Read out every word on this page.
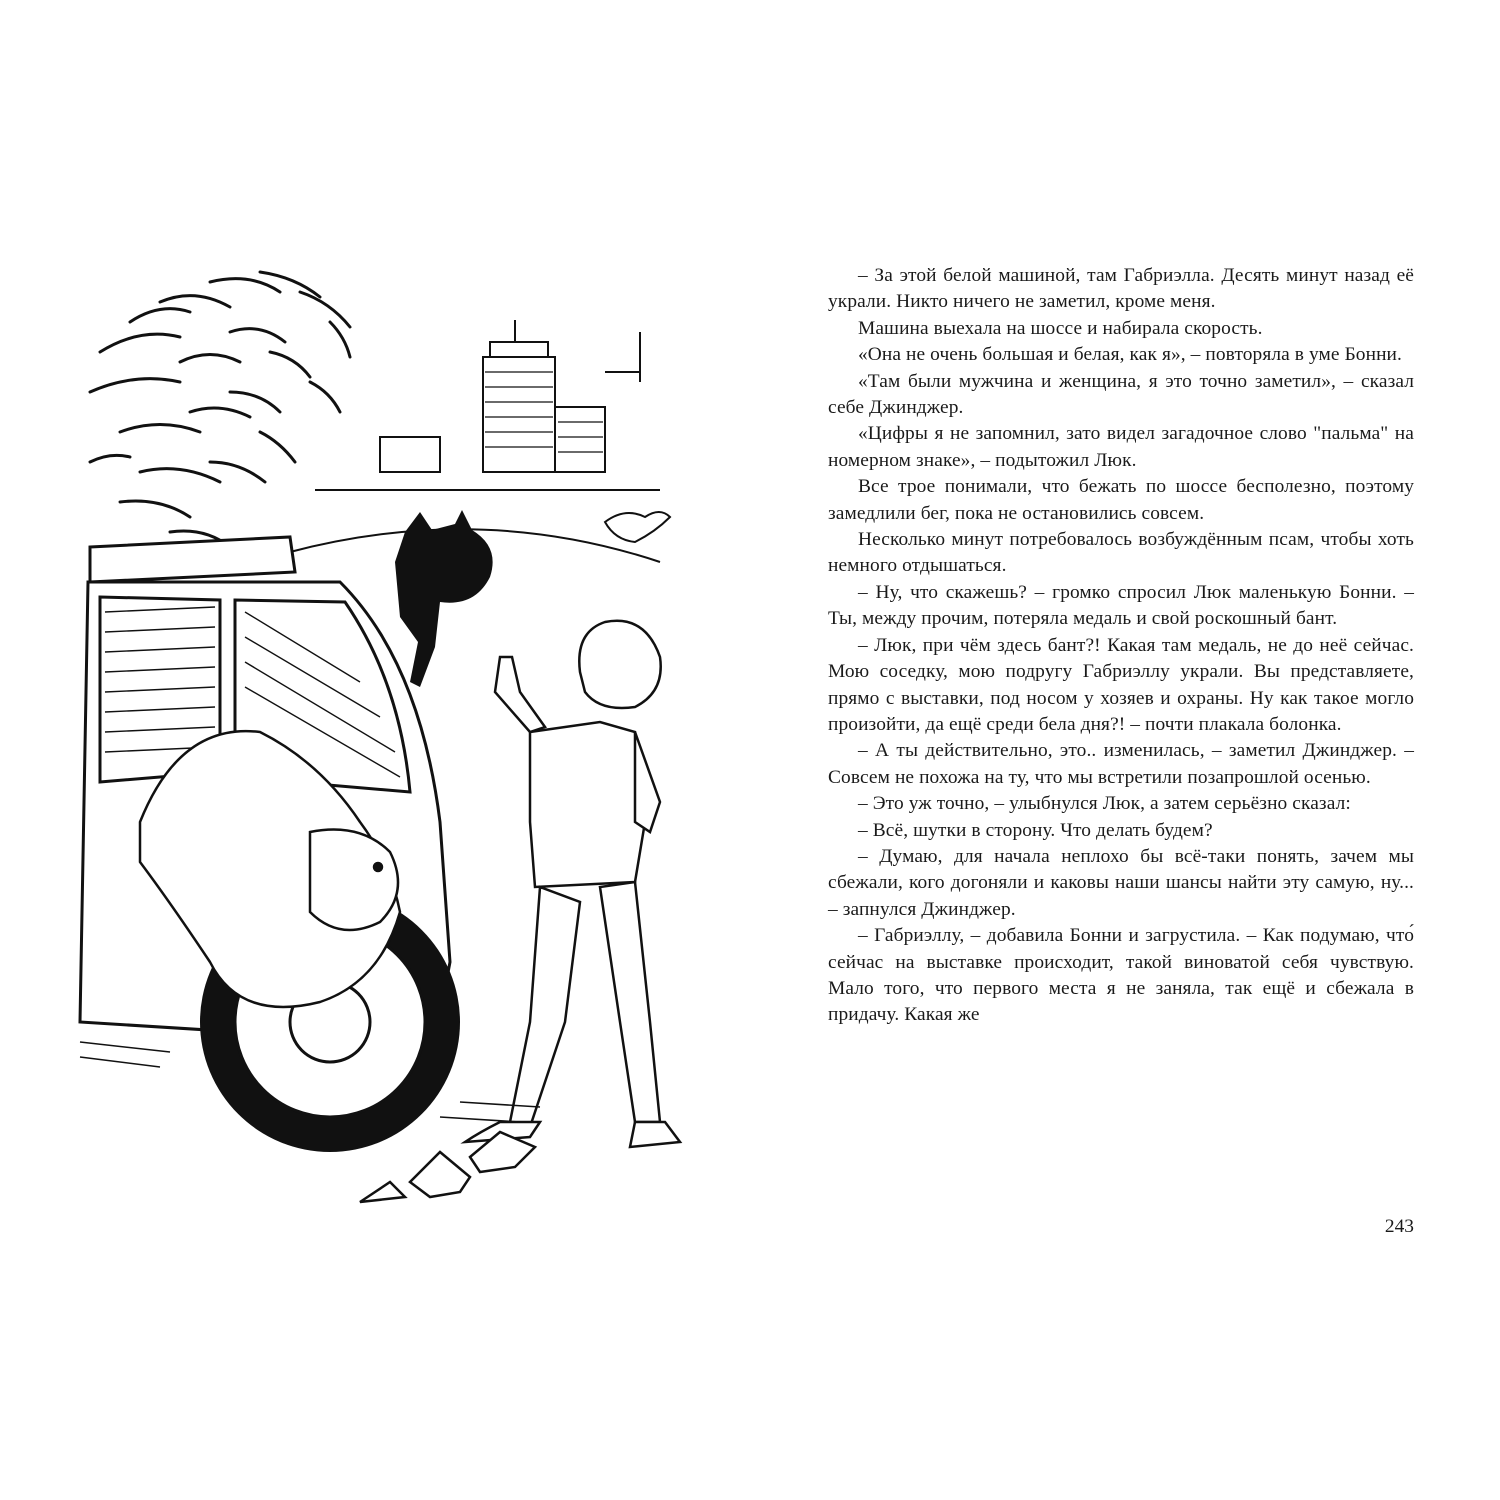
– За этой белой машиной, там Габриэлла. Десять минут назад её украли. Никто ничего не заметил, кроме меня.

Машина выехала на шоссе и набирала скорость.

«Она не очень большая и белая, как я», – повторяла в уме Бонни.

«Там были мужчина и женщина, я это точно заметил», – сказал себе Джинджер.

«Цифры я не запомнил, зато видел загадочное слово "пальма" на номерном знаке», – подытожил Люк.

Все трое понимали, что бежать по шоссе бесполезно, поэтому замедлили бег, пока не остановились совсем.

Несколько минут потребовалось возбуждённым псам, чтобы хоть немного отдышаться.

– Ну, что скажешь? – громко спросил Люк маленькую Бонни. – Ты, между прочим, потеряла медаль и свой роскошный бант.

– Люк, при чём здесь бант?! Какая там медаль, не до неё сейчас. Мою соседку, мою подругу Габриэллу украли. Вы представляете, прямо с выставки, под носом у хозяев и охраны. Ну как такое могло произойти, да ещё среди бела дня?! – почти плакала болонка.

– А ты действительно, это.. изменилась, – заметил Джинджер. – Совсем не похожа на ту, что мы встретили позапрошлой осенью.

– Это уж точно, – улыбнулся Люк, а затем серьёзно сказал:

– Всё, шутки в сторону. Что делать будем?

– Думаю, для начала неплохо бы всё-таки понять, зачем мы сбежали, кого догоняли и каковы наши шансы найти эту самую, ну... – запнулся Джинджер.

– Габриэллу, – добавила Бонни и загрустила. – Как подумаю, что́ сейчас на выставке происходит, такой виноватой себя чувствую. Мало того, что первого места я не заняла, так ещё и сбежала в придачу. Какая же

243
